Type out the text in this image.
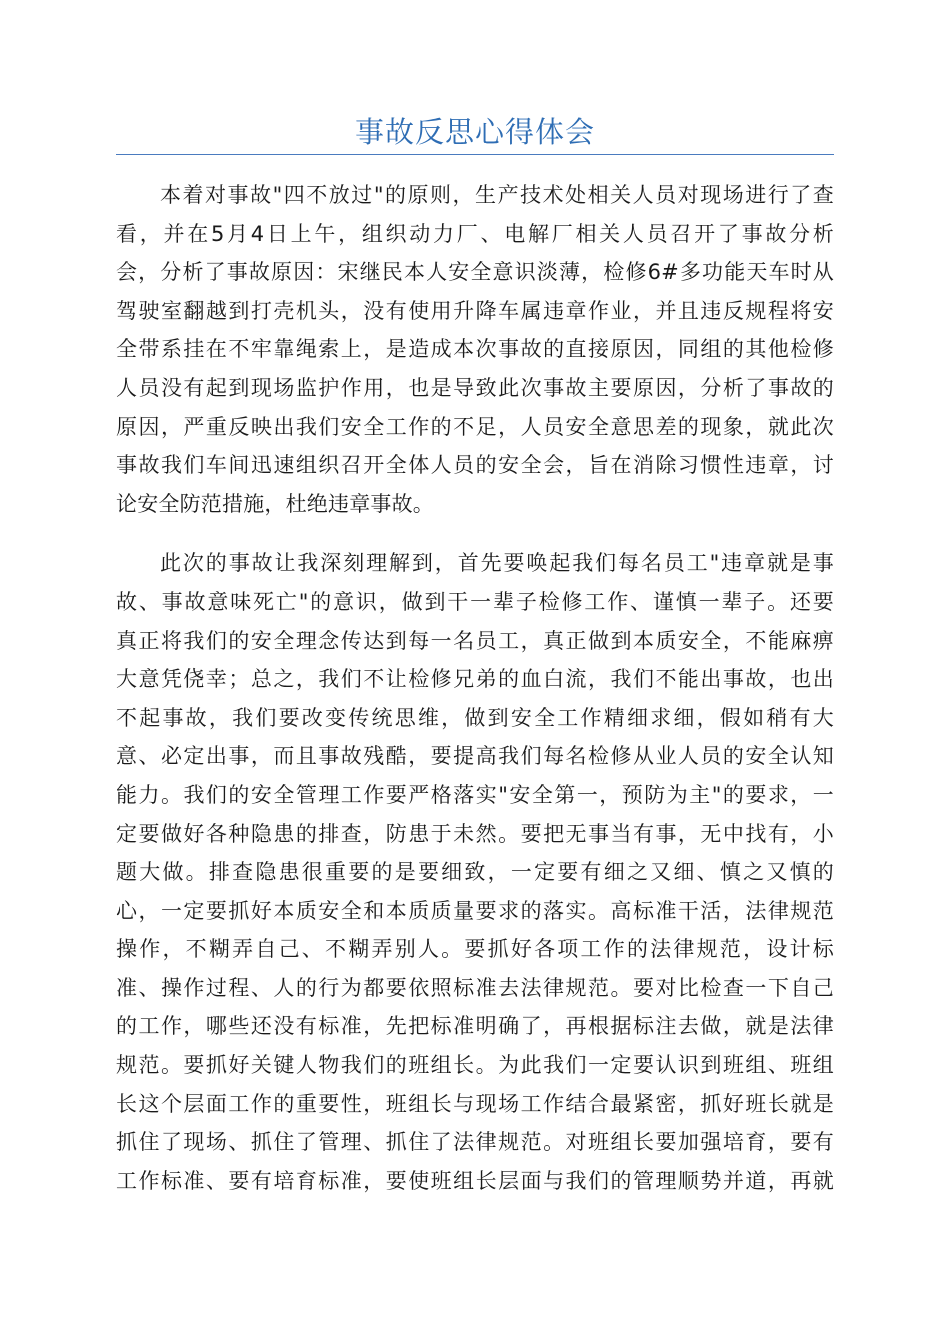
事故反思心得体会
本着对事故"四不放过"的原则，生产技术处相关人员对现场进行了查
看，并在5月4日上午，组织动力厂、电解厂相关人员召开了事故分析
会，分析了事故原因：宋继民本人安全意识淡薄，检修6#多功能天车时从
驾驶室翻越到打壳机头，没有使用升降车属违章作业，并且违反规程将安
全带系挂在不牢靠绳索上，是造成本次事故的直接原因，同组的其他检修
人员没有起到现场监护作用，也是导致此次事故主要原因，分析了事故的
原因，严重反映出我们安全工作的不足，人员安全意思差的现象，就此次
事故我们车间迅速组织召开全体人员的安全会，旨在消除习惯性违章，讨
论安全防范措施，杜绝违章事故。
此次的事故让我深刻理解到，首先要唤起我们每名员工"违章就是事
故、事故意味死亡"的意识，做到干一辈子检修工作、谨慎一辈子。还要
真正将我们的安全理念传达到每一名员工，真正做到本质安全，不能麻痹
大意凭侥幸；总之，我们不让检修兄弟的血白流，我们不能出事故，也出
不起事故，我们要改变传统思维，做到安全工作精细求细，假如稍有大
意、必定出事，而且事故残酷，要提高我们每名检修从业人员的安全认知
能力。我们的安全管理工作要严格落实"安全第一，预防为主"的要求，一
定要做好各种隐患的排查，防患于未然。要把无事当有事，无中找有，小
题大做。排查隐患很重要的是要细致，一定要有细之又细、慎之又慎的
心，一定要抓好本质安全和本质质量要求的落实。高标准干活，法律规范
操作，不糊弄自己、不糊弄别人。要抓好各项工作的法律规范，设计标
准、操作过程、人的行为都要依照标准去法律规范。要对比检查一下自己
的工作，哪些还没有标准，先把标准明确了，再根据标注去做，就是法律
规范。要抓好关键人物我们的班组长。为此我们一定要认识到班组、班组
长这个层面工作的重要性，班组长与现场工作结合最紧密，抓好班长就是
抓住了现场、抓住了管理、抓住了法律规范。对班组长要加强培育，要有
工作标准、要有培育标准，要使班组长层面与我们的管理顺势并道，再就
